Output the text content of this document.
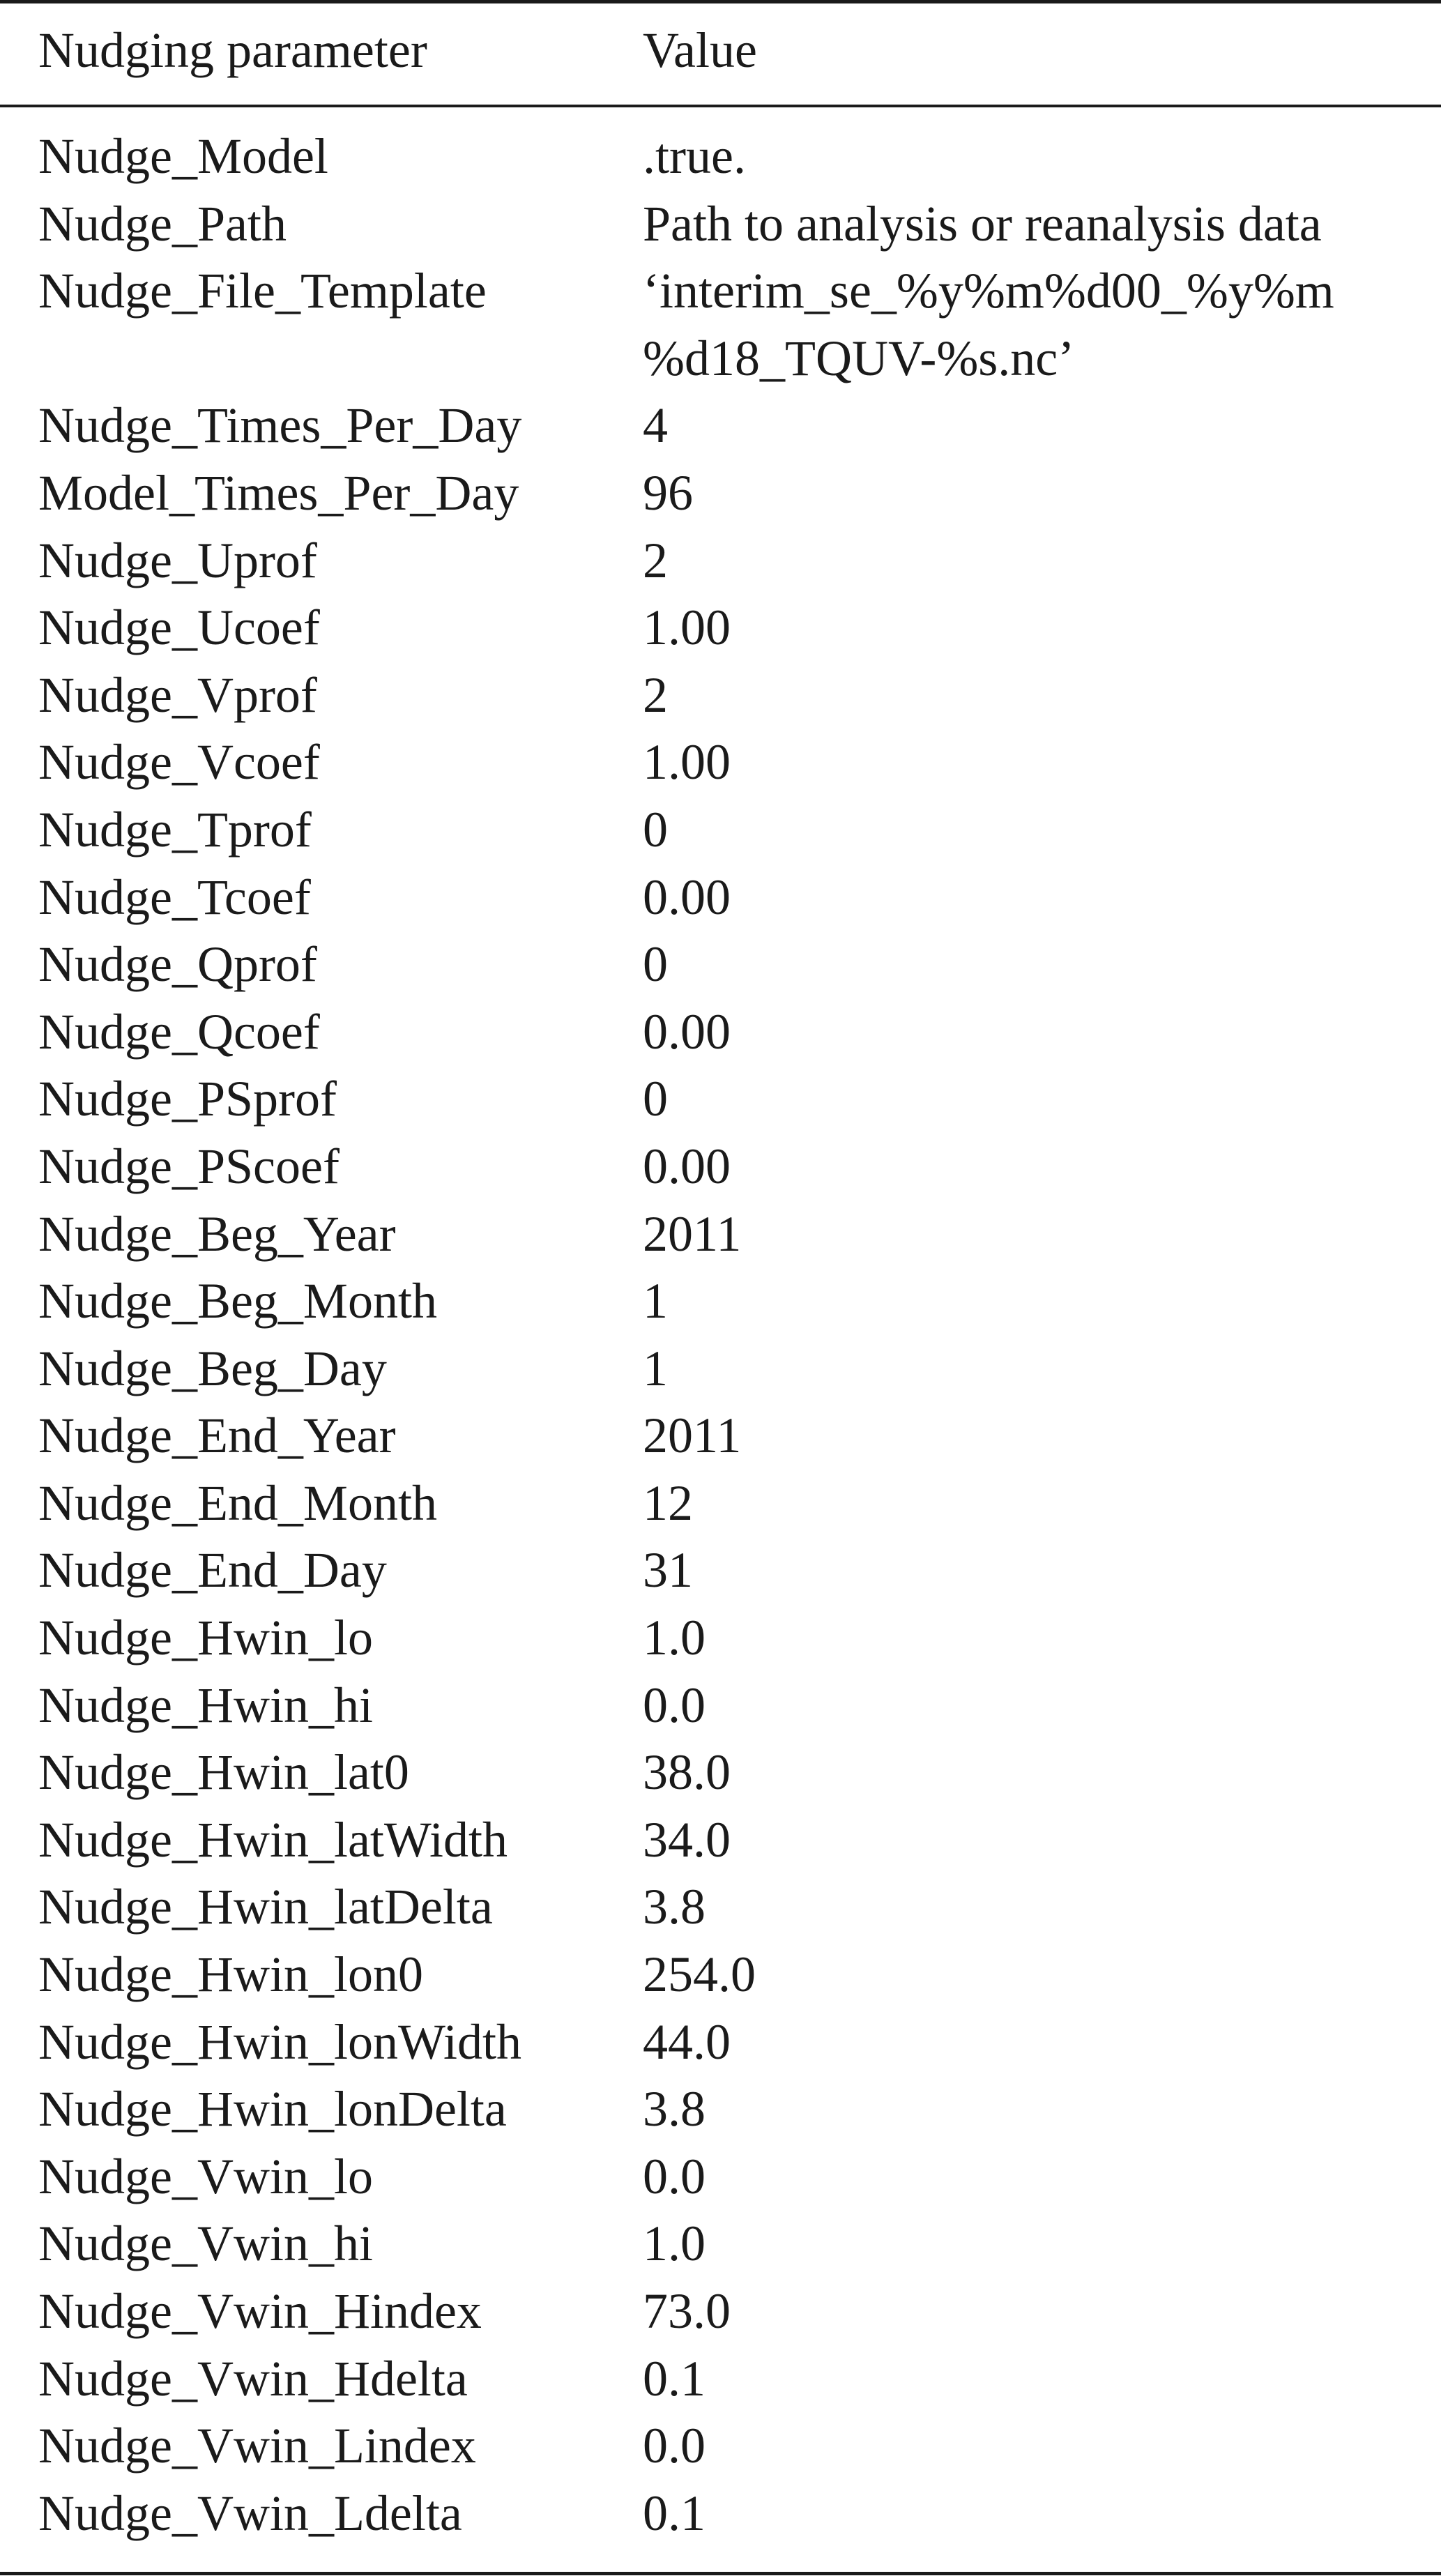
Nudging parameter	Value
Nudge_Model	.true.
Nudge_Path	Path to analysis or reanalysis data
Nudge_File_Template	‘interim_se_%y%m%d00_%y%m
%d18_TQUV-%s.nc’
Nudge_Times_Per_Day 4
Model_Times_Per_Day 96
Nudge_Uprof	2
Nudge_Ucoef	1.00
Nudge_Vprof	2
Nudge_Vcoef	1.00
Nudge_Tprof	0
Nudge_Tcoef	0.00
Nudge_Qprof	0
Nudge_Qcoef	0.00
Nudge_PSprof	0
Nudge_PScoef	0.00
Nudge_Beg_Year	2011
Nudge_Beg_Month	1
Nudge_Beg_Day	1
Nudge_End_Year	2011
Nudge_End_Month	12
Nudge_End_Day	31
Nudge_Hwin_lo	1.0
Nudge_Hwin_hi	0.0
Nudge_Hwin_lat0	38.0
Nudge_Hwin_latWidth	34.0
Nudge_Hwin_latDelta	3.8
Nudge_Hwin_lon0	254.0
Nudge_Hwin_lonWidth 44.0
Nudge_Hwin_lonDelta	3.8
Nudge_Vwin_lo	0.0
Nudge_Vwin_hi	1.0
Nudge_Vwin_Hindex	73.0
Nudge_Vwin_Hdelta	0.1
Nudge_Vwin_Lindex	0.0
Nudge_Vwin_Ldelta	0.1
